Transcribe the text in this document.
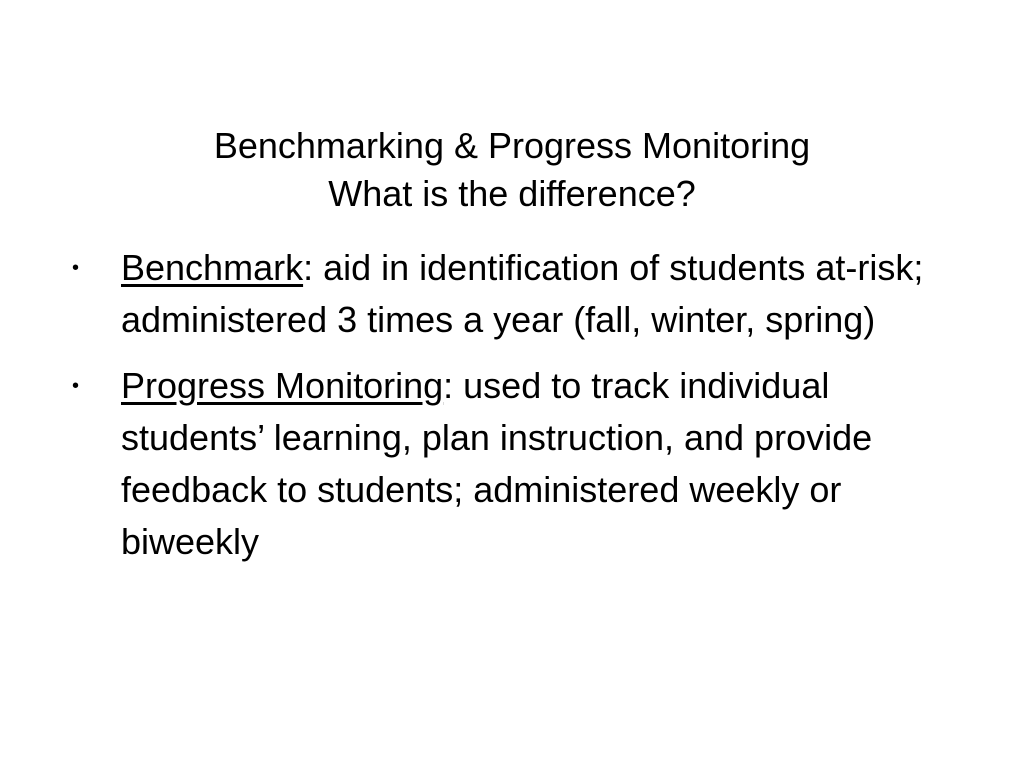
Benchmarking & Progress Monitoring
What is the difference?
•	Benchmark: aid in identification of students at-risk; administered 3 times a year (fall, winter, spring)
•	Progress Monitoring: used to track individual students’ learning, plan instruction, and provide feedback to students; administered weekly or biweekly
